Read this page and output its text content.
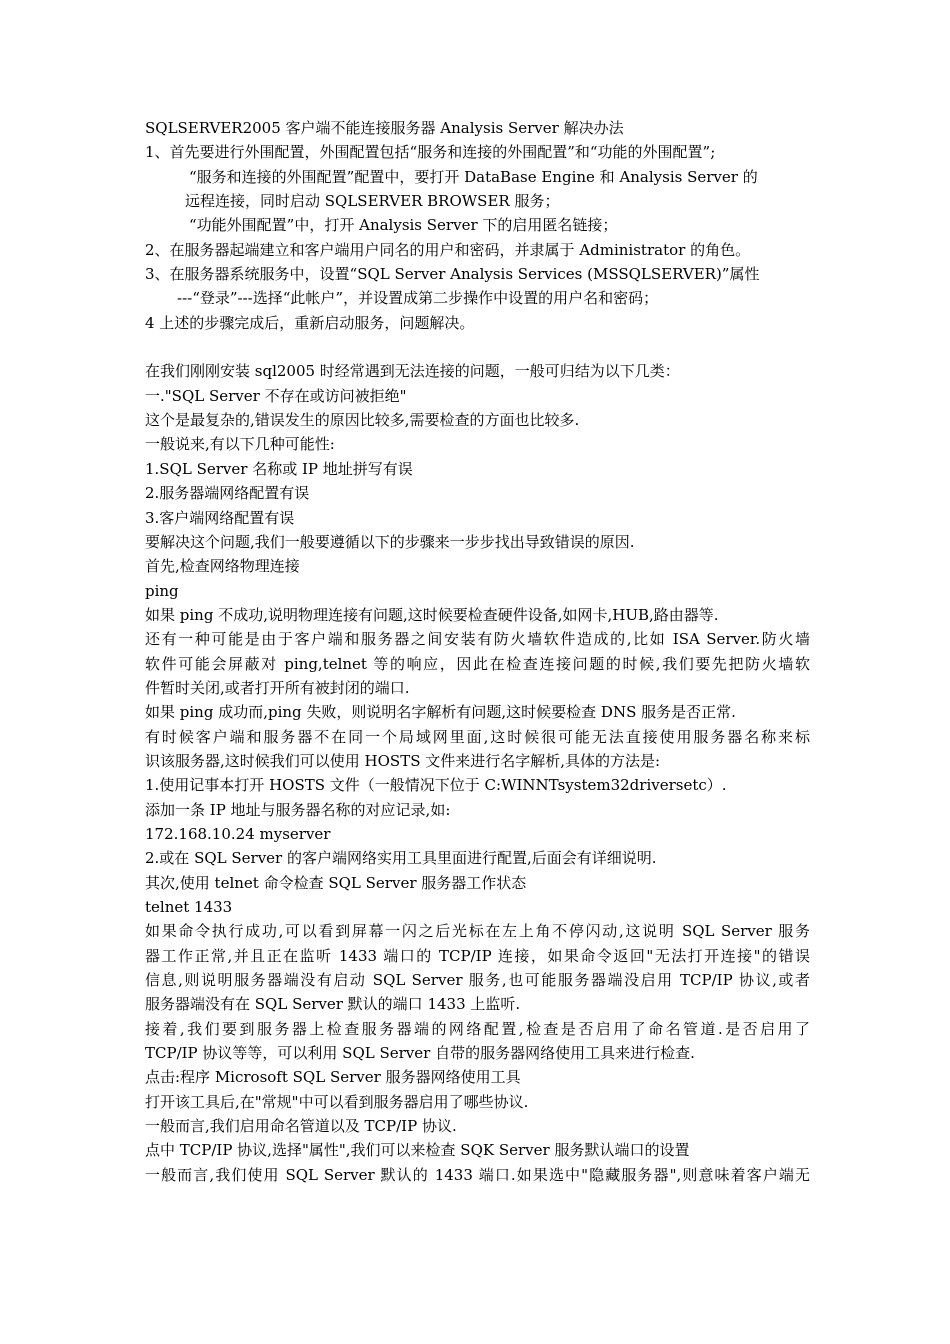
SQLSERVER2005 客户端不能连接服务器 Analysis Server 解决办法
1、首先要进行外围配置，外围配置包括“服务和连接的外围配置”和“功能的外围配置”;
“服务和连接的外围配置”配置中，要打开 DataBase Engine 和 Analysis Server 的
远程连接，同时启动 SQLSERVER BROWSER 服务；
“功能外围配置”中，打开 Analysis Server 下的启用匿名链接；
2、在服务器起端建立和客户端用户同名的用户和密码，并隶属于 Administrator 的角色。
3、在服务器系统服务中，设置“SQL Server Analysis Services (MSSQLSERVER)”属性
---“登录”---选择“此帐户”，并设置成第二步操作中设置的用户名和密码；
4 上述的步骤完成后，重新启动服务，问题解决。
在我们刚刚安装 sql2005 时经常遇到无法连接的问题，一般可归结为以下几类：
一."SQL Server 不存在或访问被拒绝"
这个是最复杂的,错误发生的原因比较多,需要检查的方面也比较多.
一般说来,有以下几种可能性:
1.SQL Server 名称或 IP 地址拼写有误
2.服务器端网络配置有误
3.客户端网络配置有误
要解决这个问题,我们一般要遵循以下的步骤来一步步找出导致错误的原因.
首先,检查网络物理连接
ping
如果 ping 不成功,说明物理连接有问题,这时候要检查硬件设备,如网卡,HUB,路由器等.
还有一种可能是由于客户端和服务器之间安装有防火墙软件造成的,比如 ISA Server.防火墙
软件可能会屏蔽对 ping,telnet 等的响应，因此在检查连接问题的时候,我们要先把防火墙软
件暂时关闭,或者打开所有被封闭的端口.
如果 ping 成功而,ping 失败，则说明名字解析有问题,这时候要检查 DNS 服务是否正常.
有时候客户端和服务器不在同一个局域网里面,这时候很可能无法直接使用服务器名称来标
识该服务器,这时候我们可以使用 HOSTS 文件来进行名字解析,具体的方法是:
1.使用记事本打开 HOSTS 文件（一般情况下位于 C:WINNTsystem32driversetc）.
添加一条 IP 地址与服务器名称的对应记录,如:
172.168.10.24 myserver
2.或在 SQL Server 的客户端网络实用工具里面进行配置,后面会有详细说明.
其次,使用 telnet 命令检查 SQL Server 服务器工作状态
telnet 1433
如果命令执行成功,可以看到屏幕一闪之后光标在左上角不停闪动,这说明 SQL Server 服务
器工作正常,并且正在监听 1433 端口的 TCP/IP 连接，如果命令返回"无法打开连接"的错误
信息,则说明服务器端没有启动 SQL Server 服务,也可能服务器端没启用 TCP/IP 协议,或者
服务器端没有在 SQL Server 默认的端口 1433 上监听.
接着,我们要到服务器上检查服务器端的网络配置,检查是否启用了命名管道.是否启用了
TCP/IP 协议等等，可以利用 SQL Server 自带的服务器网络使用工具来进行检查.
点击:程序 Microsoft SQL Server 服务器网络使用工具
打开该工具后,在"常规"中可以看到服务器启用了哪些协议.
一般而言,我们启用命名管道以及 TCP/IP 协议.
点中 TCP/IP 协议,选择"属性",我们可以来检查 SQK Server 服务默认端口的设置
一般而言,我们使用 SQL Server 默认的 1433 端口.如果选中"隐藏服务器",则意味着客户端无
